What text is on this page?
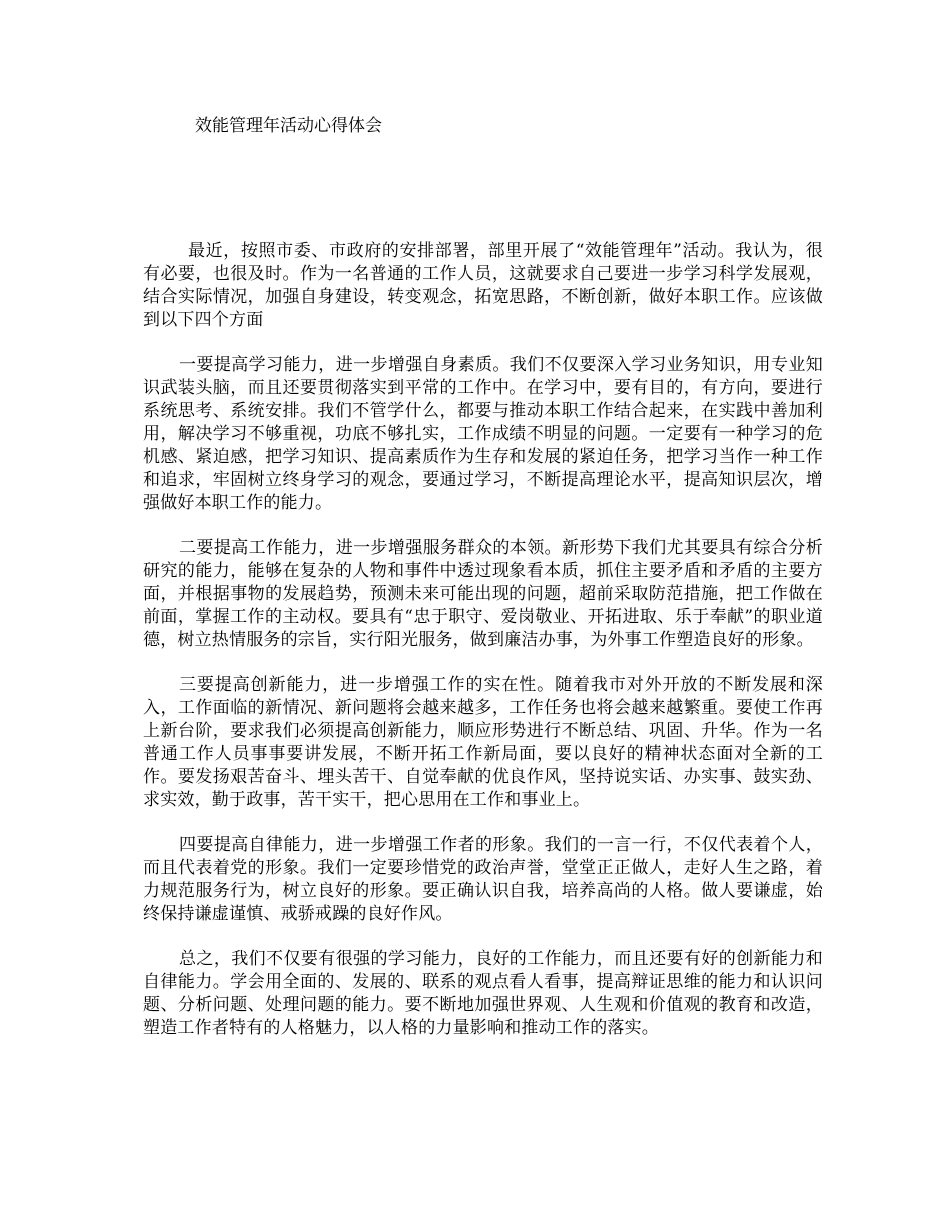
效能管理年活动心得体会

最近，按照市委、市政府的安排部署，部里开展了“效能管理年”活动。我认为，很有必要，也很及时。作为一名普通的工作人员，这就要求自己要进一步学习科学发展观，结合实际情况，加强自身建设，转变观念，拓宽思路，不断创新，做好本职工作。应该做到以下四个方面

一要提高学习能力，进一步增强自身素质。我们不仅要深入学习业务知识，用专业知识武装头脑，而且还要贯彻落实到平常的工作中。在学习中，要有目的，有方向，要进行系统思考、系统安排。我们不管学什么，都要与推动本职工作结合起来，在实践中善加利用，解决学习不够重视，功底不够扎实，工作成绩不明显的问题。一定要有一种学习的危机感、紧迫感，把学习知识、提高素质作为生存和发展的紧迫任务，把学习当作一种工作和追求，牢固树立终身学习的观念，要通过学习，不断提高理论水平，提高知识层次，增强做好本职工作的能力。

二要提高工作能力，进一步增强服务群众的本领。新形势下我们尤其要具有综合分析研究的能力，能够在复杂的人物和事件中透过现象看本质，抓住主要矛盾和矛盾的主要方面，并根据事物的发展趋势，预测未来可能出现的问题，超前采取防范措施，把工作做在前面，掌握工作的主动权。要具有“忠于职守、爱岗敬业、开拓进取、乐于奉献”的职业道德，树立热情服务的宗旨，实行阳光服务，做到廉洁办事，为外事工作塑造良好的形象。

三要提高创新能力，进一步增强工作的实在性。随着我市对外开放的不断发展和深入，工作面临的新情况、新问题将会越来越多，工作任务也将会越来越繁重。要使工作再上新台阶，要求我们必须提高创新能力，顺应形势进行不断总结、巩固、升华。作为一名普通工作人员事事要讲发展，不断开拓工作新局面，要以良好的精神状态面对全新的工作。要发扬艰苦奋斗、埋头苦干、自觉奉献的优良作风，坚持说实话、办实事、鼓实劲、求实效，勤于政事，苦干实干，把心思用在工作和事业上。

四要提高自律能力，进一步增强工作者的形象。我们的一言一行，不仅代表着个人，而且代表着党的形象。我们一定要珍惜党的政治声誉，堂堂正正做人，走好人生之路，着力规范服务行为，树立良好的形象。要正确认识自我，培养高尚的人格。做人要谦虚，始终保持谦虚谨慎、戒骄戒躁的良好作风。

总之，我们不仅要有很强的学习能力，良好的工作能力，而且还要有好的创新能力和自律能力。学会用全面的、发展的、联系的观点看人看事，提高辩证思维的能力和认识问题、分析问题、处理问题的能力。要不断地加强世界观、人生观和价值观的教育和改造，塑造工作者特有的人格魅力，以人格的力量影响和推动工作的落实。
